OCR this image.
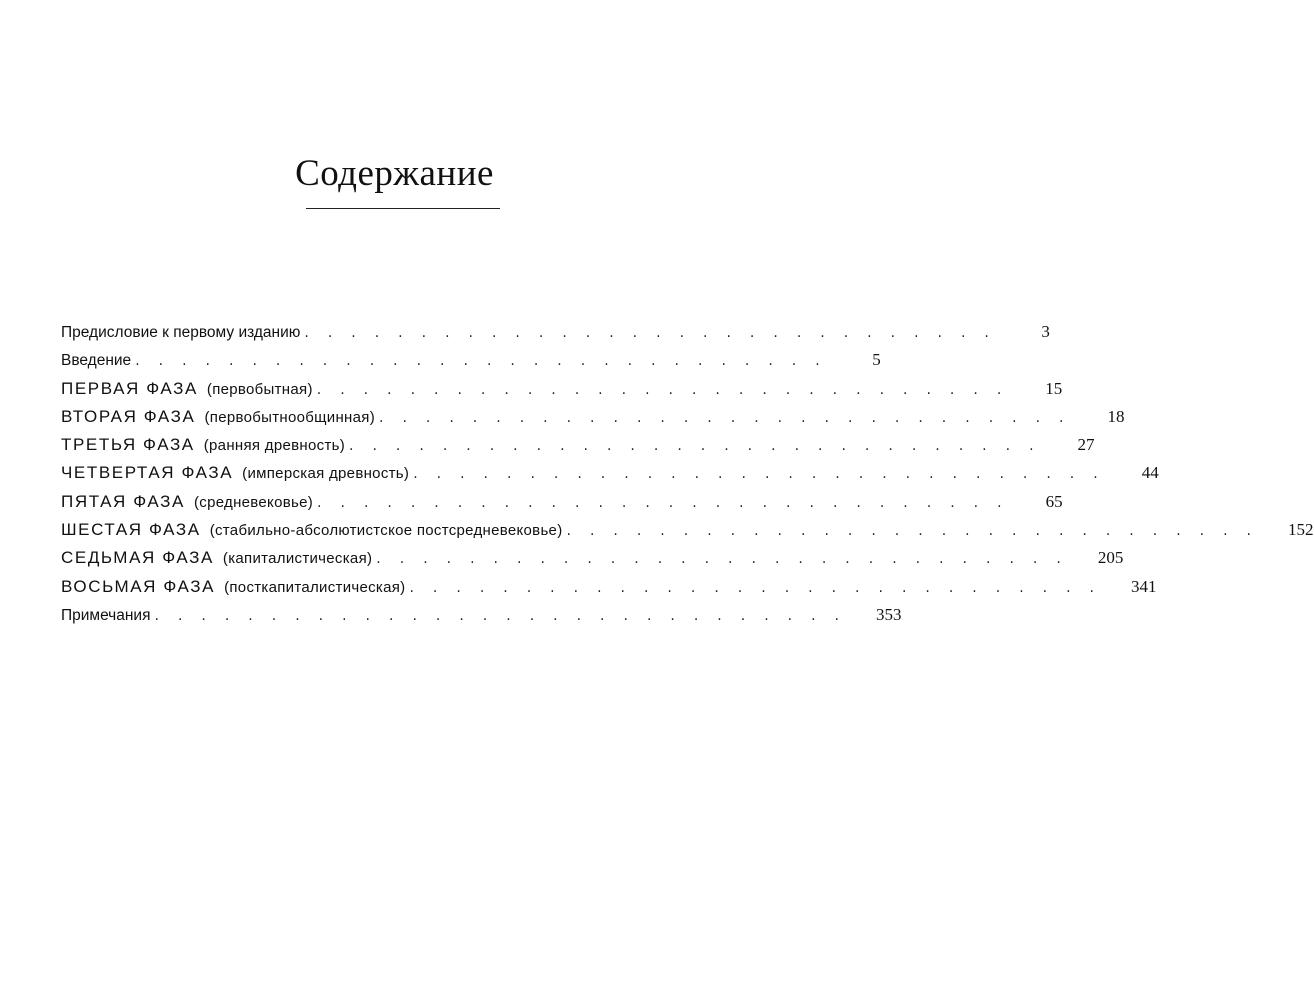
Содержание
Предисловие к первому изданию ..............................	3
Введение ..............................	5
ПЕРВАЯ ФАЗА (первобытная) ..............................	15
ВТОРАЯ ФАЗА (первобытнообщинная) ..............................	18
ТРЕТЬЯ ФАЗА (ранняя древность) ..............................	27
ЧЕТВЕРТАЯ ФАЗА (имперская древность) ..............................	44
ПЯТАЯ ФАЗА (средневековье) ..............................	65
ШЕСТАЯ ФАЗА (стабильно-абсолютистское постсредневековье) ..............................	152
СЕДЬМАЯ ФАЗА (капиталистическая) ..............................	205
ВОСЬМАЯ ФАЗА (посткапиталистическая) ..............................	341
Примечания ..............................	353
